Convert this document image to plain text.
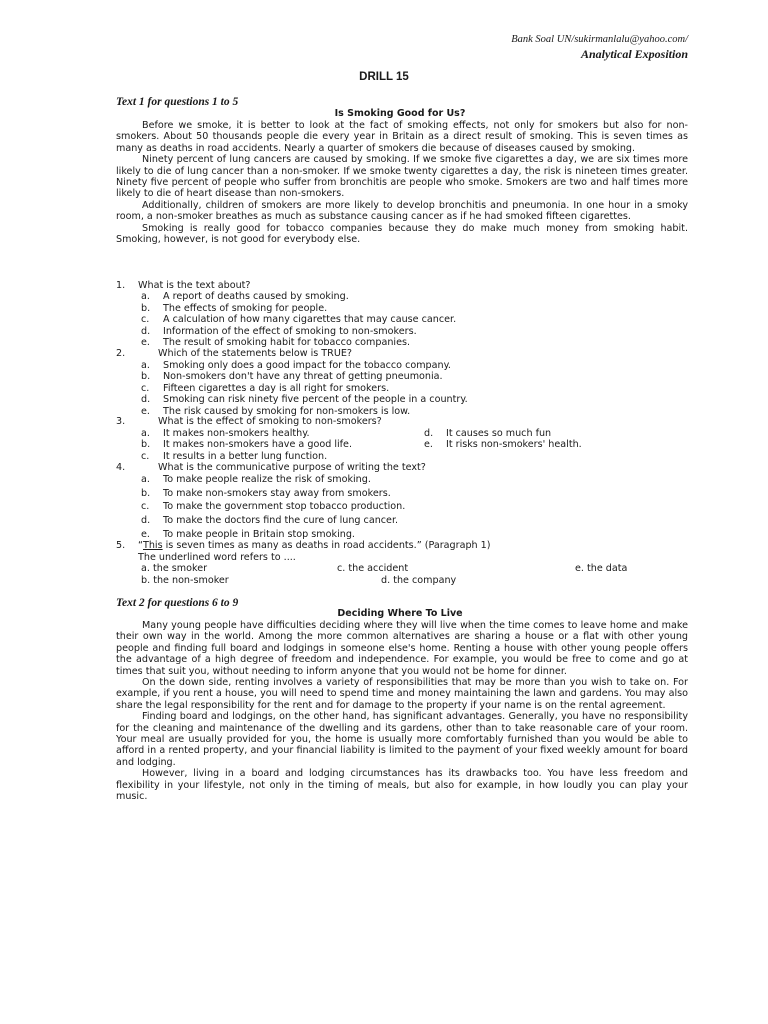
Bank Soal UN/sukirmanlalu@yahoo.com/
Analytical Exposition
DRILL 15
Text 1 for questions 1 to 5
Is Smoking Good for Us?

Before we smoke, it is better to look at the fact of smoking effects, not only for smokers but also for non-smokers. About 50 thousands people die every year in Britain as a direct result of smoking. This is seven times as many as deaths in road accidents. Nearly a quarter of smokers die because of diseases caused by smoking.

Ninety percent of lung cancers are caused by smoking. If we smoke five cigarettes a day, we are six times more likely to die of lung cancer than a non-smoker. If we smoke twenty cigarettes a day, the risk is nineteen times greater. Ninety five percent of people who suffer from bronchitis are people who smoke. Smokers are two and half times more likely to die of heart disease than non-smokers.

Additionally, children of smokers are more likely to develop bronchitis and pneumonia. In one hour in a smoky room, a non-smoker breathes as much as substance causing cancer as if he had smoked fifteen cigarettes.

Smoking is really good for tobacco companies because they do make much money from smoking habit. Smoking, however, is not good for everybody else.

1. What is the text about?
a. A report of deaths caused by smoking.
b. The effects of smoking for people.
c. A calculation of how many cigarettes that may cause cancer.
d. Information of the effect of smoking to non-smokers.
e. The result of smoking habit for tobacco companies.
2.	Which of the statements below is TRUE?
a. Smoking only does a good impact for the tobacco company.
b. Non-smokers don't have any threat of getting pneumonia.
c. Fifteen cigarettes a day is all right for smokers.
d. Smoking can risk ninety five percent of the people in a country.
e. The risk caused by smoking for non-smokers is low.
3.	What is the effect of smoking to non-smokers?
a. It makes non-smokers healthy.	d. It causes so much fun
b. It makes non-smokers have a good life.	e. It risks non-smokers' health.
c. It results in a better lung function.
4.	What is the communicative purpose of writing the text?
a. To make people realize the risk of smoking.
b. To make non-smokers stay away from smokers.
c. To make the government stop tobacco production.
d. To make the doctors find the cure of lung cancer.
e. To make people in Britain stop smoking.
5. “This is seven times as many as deaths in road accidents.” (Paragraph 1)
The underlined word refers to ....
a. the smoker	c. the accident	e. the data
b. the non-smoker	d. the company
Text 2 for questions 6 to 9
Deciding Where To Live

Many young people have difficulties deciding where they will live when the time comes to leave home and make their own way in the world. Among the more common alternatives are sharing a house or a flat with other young people and finding full board and lodgings in someone else's home. Renting a house with other young people offers the advantage of a high degree of freedom and independence. For example, you would be free to come and go at times that suit you, without needing to inform anyone that you would not be home for dinner.

On the down side, renting involves a variety of responsibilities that may be more than you wish to take on. For example, if you rent a house, you will need to spend time and money maintaining the lawn and gardens. You may also share the legal responsibility for the rent and for damage to the property if your name is on the rental agreement.

Finding board and lodgings, on the other hand, has significant advantages. Generally, you have no responsibility for the cleaning and maintenance of the dwelling and its gardens, other than to take reasonable care of your room. Your meal are usually provided for you, the home is usually more comfortably furnished than you would be able to afford in a rented property, and your financial liability is limited to the payment of your fixed weekly amount for board and lodging.

However, living in a board and lodging circumstances has its drawbacks too. You have less freedom and flexibility in your lifestyle, not only in the timing of meals, but also for example, in how loudly you can play your music.
